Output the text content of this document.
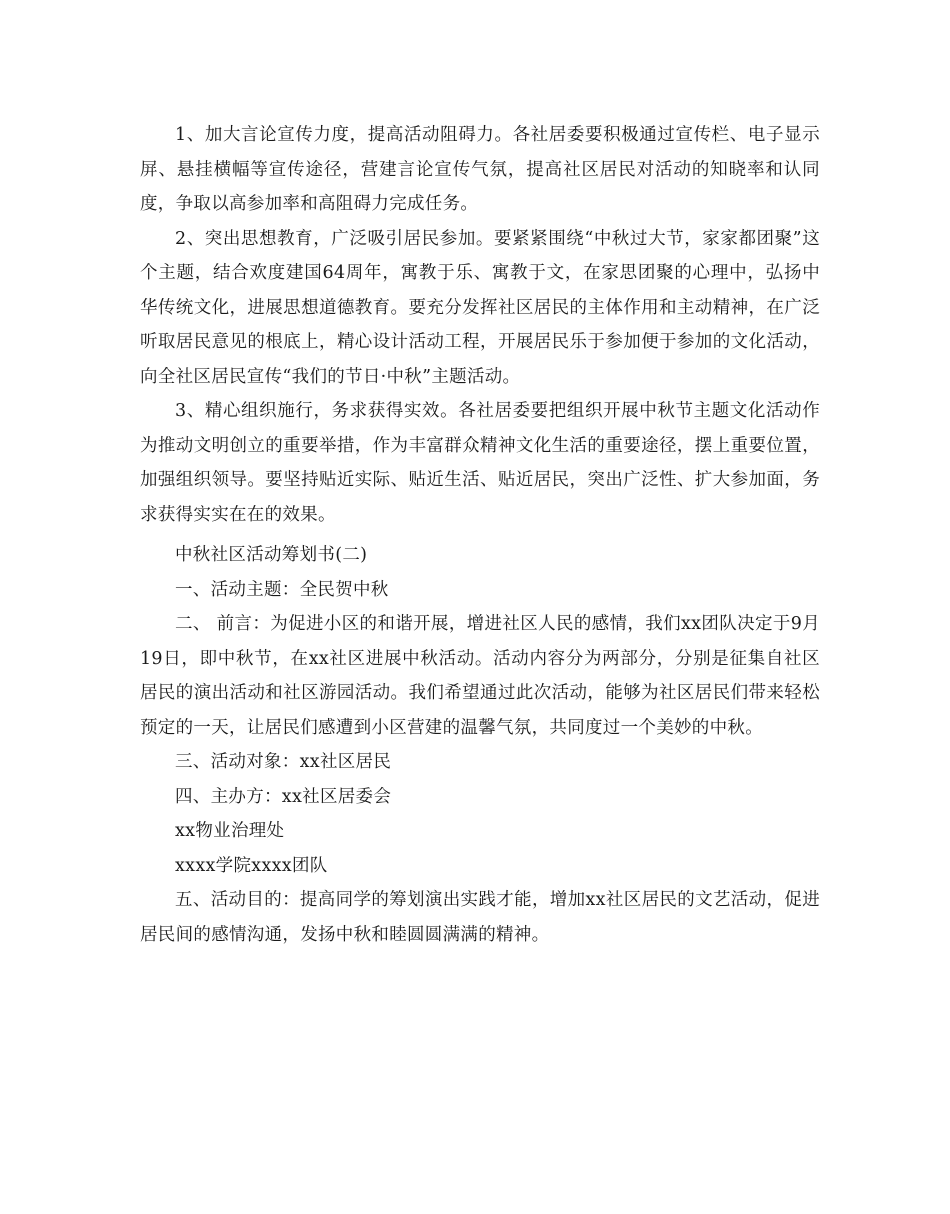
1、加大言论宣传力度，提高活动阻碍力。各社居委要积极通过宣传栏、电子显示屏、悬挂横幅等宣传途径，营建言论宣传气氛，提高社区居民对活动的知晓率和认同度，争取以高参加率和高阻碍力完成任务。

2、突出思想教育，广泛吸引居民参加。要紧紧围绕“中秋过大节，家家都团聚”这个主题，结合欢度建国64周年，寓教于乐、寓教于文，在家思团聚的心理中，弘扬中华传统文化，进展思想道德教育。要充分发挥社区居民的主体作用和主动精神，在广泛听取居民意见的根底上，精心设计活动工程，开展居民乐于参加便于参加的文化活动，向全社区居民宣传“我们的节日·中秋”主题活动。

3、精心组织施行，务求获得实效。各社居委要把组织开展中秋节主题文化活动作为推动文明创立的重要举措，作为丰富群众精神文化生活的重要途径，摆上重要位置，加强组织领导。要坚持贴近实际、贴近生活、贴近居民，突出广泛性、扩大参加面，务求获得实实在在的效果。

中秋社区活动筹划书(二)

一、活动主题：全民贺中秋

二、 前言：为促进小区的和谐开展，增进社区人民的感情，我们xx团队决定于9月19日，即中秋节，在xx社区进展中秋活动。活动内容分为两部分，分别是征集自社区居民的演出活动和社区游园活动。我们希望通过此次活动，能够为社区居民们带来轻松预定的一天，让居民们感遭到小区营建的温馨气氛，共同度过一个美妙的中秋。

三、活动对象：xx社区居民

四、主办方：xx社区居委会

xx物业治理处

xxxx学院xxxx团队

五、活动目的：提高同学的筹划演出实践才能，增加xx社区居民的文艺活动，促进居民间的感情沟通，发扬中秋和睦圆圆满满的精神。
